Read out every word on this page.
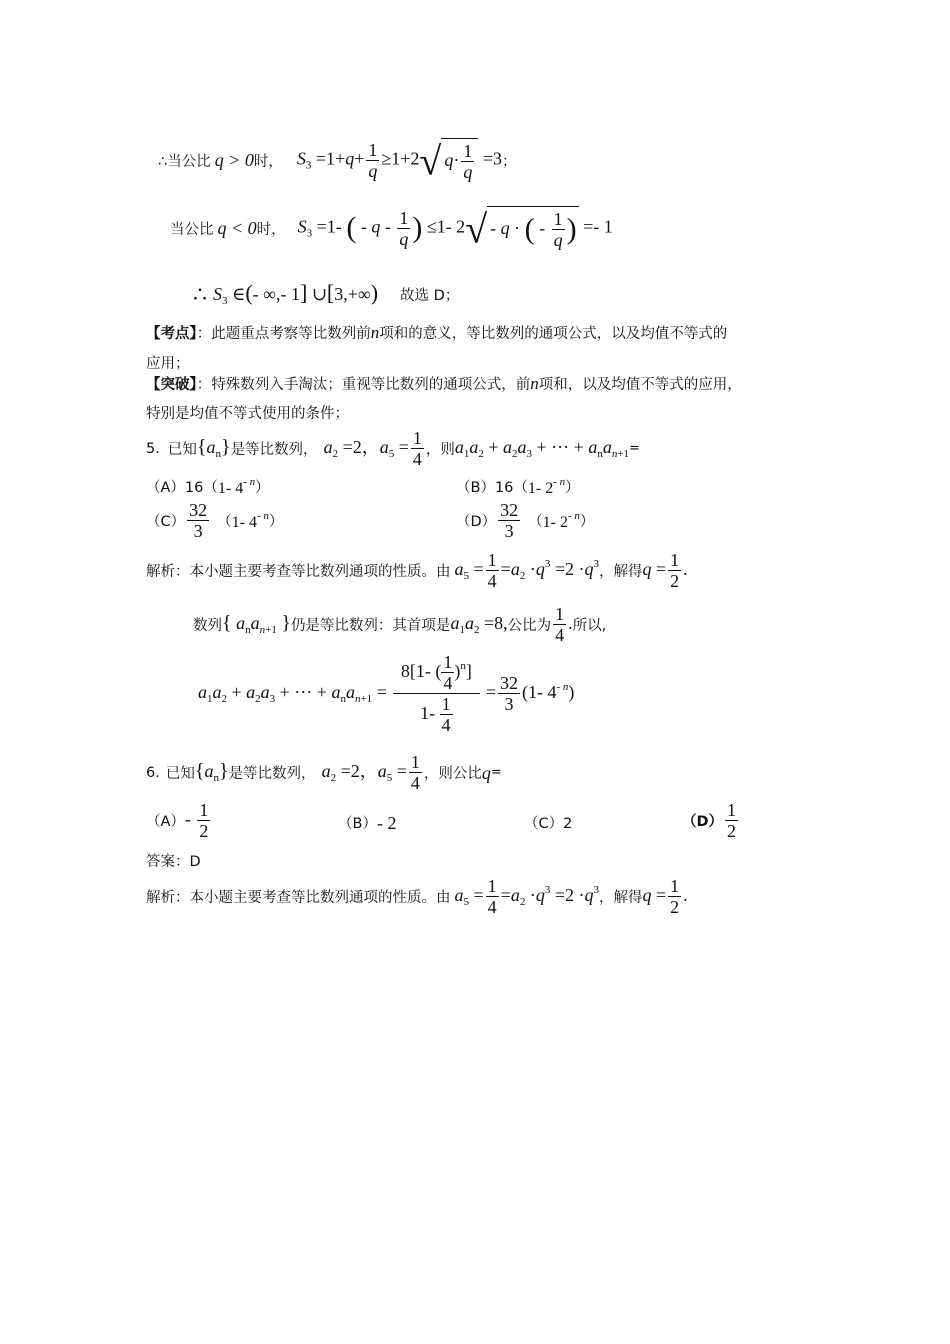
∴当公比 q > 0 时， $S_3 =1+q+ \frac{1}{q} \ge 1+2√$ $q\cdot \frac{1}{q} =3$ ；
当公比 q < 0 时， $S_3 =1-$ ( - q - $\frac{1}{q}$ ) ≤1- 2√ - q · ( - $\frac{1}{q}$ ) =- 1
∴ $S_3$ ∈(- ∞,- 1] ∪[3,+∞) 故选 D；
【考点】：此题重点考察等比数列前n项和的意义，等比数列的通项公式，以及均值不等式的
应用；
【突破】：特殊数列入手淘汰；重视等比数列的通项公式，前n项和，以及均值不等式的应用，
特别是均值不等式使用的条件；
5. 已知 $\{a_n\}$ 是等比数列， $a_2 =2$，$a_5 = \frac{1}{4}$ ，则 $a_1a_2 + a_2a_3$ + ··· + $a_na_{n+1}$ =
（A）16（ 1- $4^{- n}$ ）	（B）16（ 1- $2^{- n}$ ）
$(C) \frac{32}{3}$ （ 1- $4^{- n}$ ）	$(D) \frac{32}{3}$ （ 1- $2^{- n}$ ）
解析：本小题主要考查等比数列通项的性质。由 $a_5 = \frac{1}{4} =a_2 \cdot q^3 =2 \cdot q^3$
，解得 $q = \frac{1}{2}$ .
数列 { $a_na_{n+1}$ } 仍是等比数列：其首项是 $a_1a_2 =8$, 公比为 $\frac{1}{4}$ . 所以,
$a_1a_2 + a_2a_3$ + ··· + $a_na_{n+1} = \frac{8[1- ( \frac{1}{4} )^n]}{1- \frac{1}{4}} = \frac{32}{3} (1-$ $4^{- n}$)
6. 已知 $\{a_n\}$ 是等比数列， $a_2 =2$，$a_5 = \frac{1}{4}$ ，则公比 q =
$(A) - \frac{1}{2}$	（B） - 2	（C）2	$(D) \frac{1}{2}$
答案：D
解析：本小题主要考查等比数列通项的性质。由 $a_5 = \frac{1}{4} =a_2 \cdot q^3 =2 \cdot q^3$
，解得 $q = \frac{1}{2}$ .
